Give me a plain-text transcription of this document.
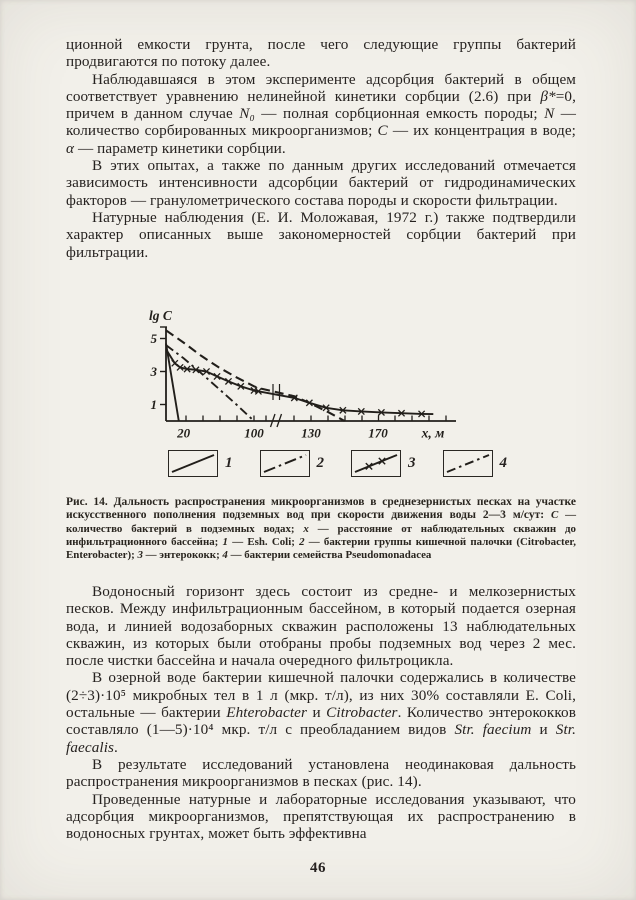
ционной емкости грунта, после чего следующие группы бактерий продвигаются по потоку далее.

Наблюдавшаяся в этом эксперименте адсорбция бактерий в общем соответствует уравнению нелинейной кинетики сорбции (2.6) при β*=0, причем в данном случае N₀ — полная сорбционная емкость породы; N — количество сорбированных микроорганизмов; C — их концентрация в воде; α — параметр кинетики сорбции.

В этих опытах, а также по данным других исследований отмечается зависимость интенсивности адсорбции бактерий от гидродинамических факторов — гранулометрического состава породы и скорости фильтрации.

Натурные наблюдения (Е. И. Моложавая, 1972 г.) также подтвердили характер описанных выше закономерностей сорбции бактерий при фильтрации.

1
3
5
20	100	130	170
lg C
x, м
1	2	3	4
Рис. 14. Дальность распространения микроорганизмов в среднезернистых песках на участке искусственного пополнения подземных вод при скорости движения воды 2—3 м/сут: С — количество бактерий в подземных водах; x — расстояние от наблюдательных скважин до инфильтрационного бассейна; 1 — Esh. Coli; 2 — бактерии группы кишечной палочки (Citrobacter, Enterobacter); 3 — энтерококк; 4 — бактерии семейства Pseudomonadacea

Водоносный горизонт здесь состоит из средне- и мелкозернистых песков. Между инфильтрационным бассейном, в который подается озерная вода, и линией водозаборных скважин расположены 13 наблюдательных скважин, из которых были отобраны пробы подземных вод через 2 мес. после чистки бассейна и начала очередного фильтроцикла.

В озерной воде бактерии кишечной палочки содержались в количестве (2÷3)·10⁵ микробных тел в 1 л (мкр. т/л), из них 30% составляли E. Coli, остальные — бактерии Ehterobacter и Citrobacter. Количество энтерококков составляло (1—5)·10⁴ мкр. т/л с преобладанием видов Str. faecium и Str. faecalis.

В результате исследований установлена неодинаковая дальность распространения микроорганизмов в песках (рис. 14).

Проведенные натурные и лабораторные исследования указывают, что адсорбция микроорганизмов, препятствующая их распространению в водоносных грунтах, может быть эффективна

46
